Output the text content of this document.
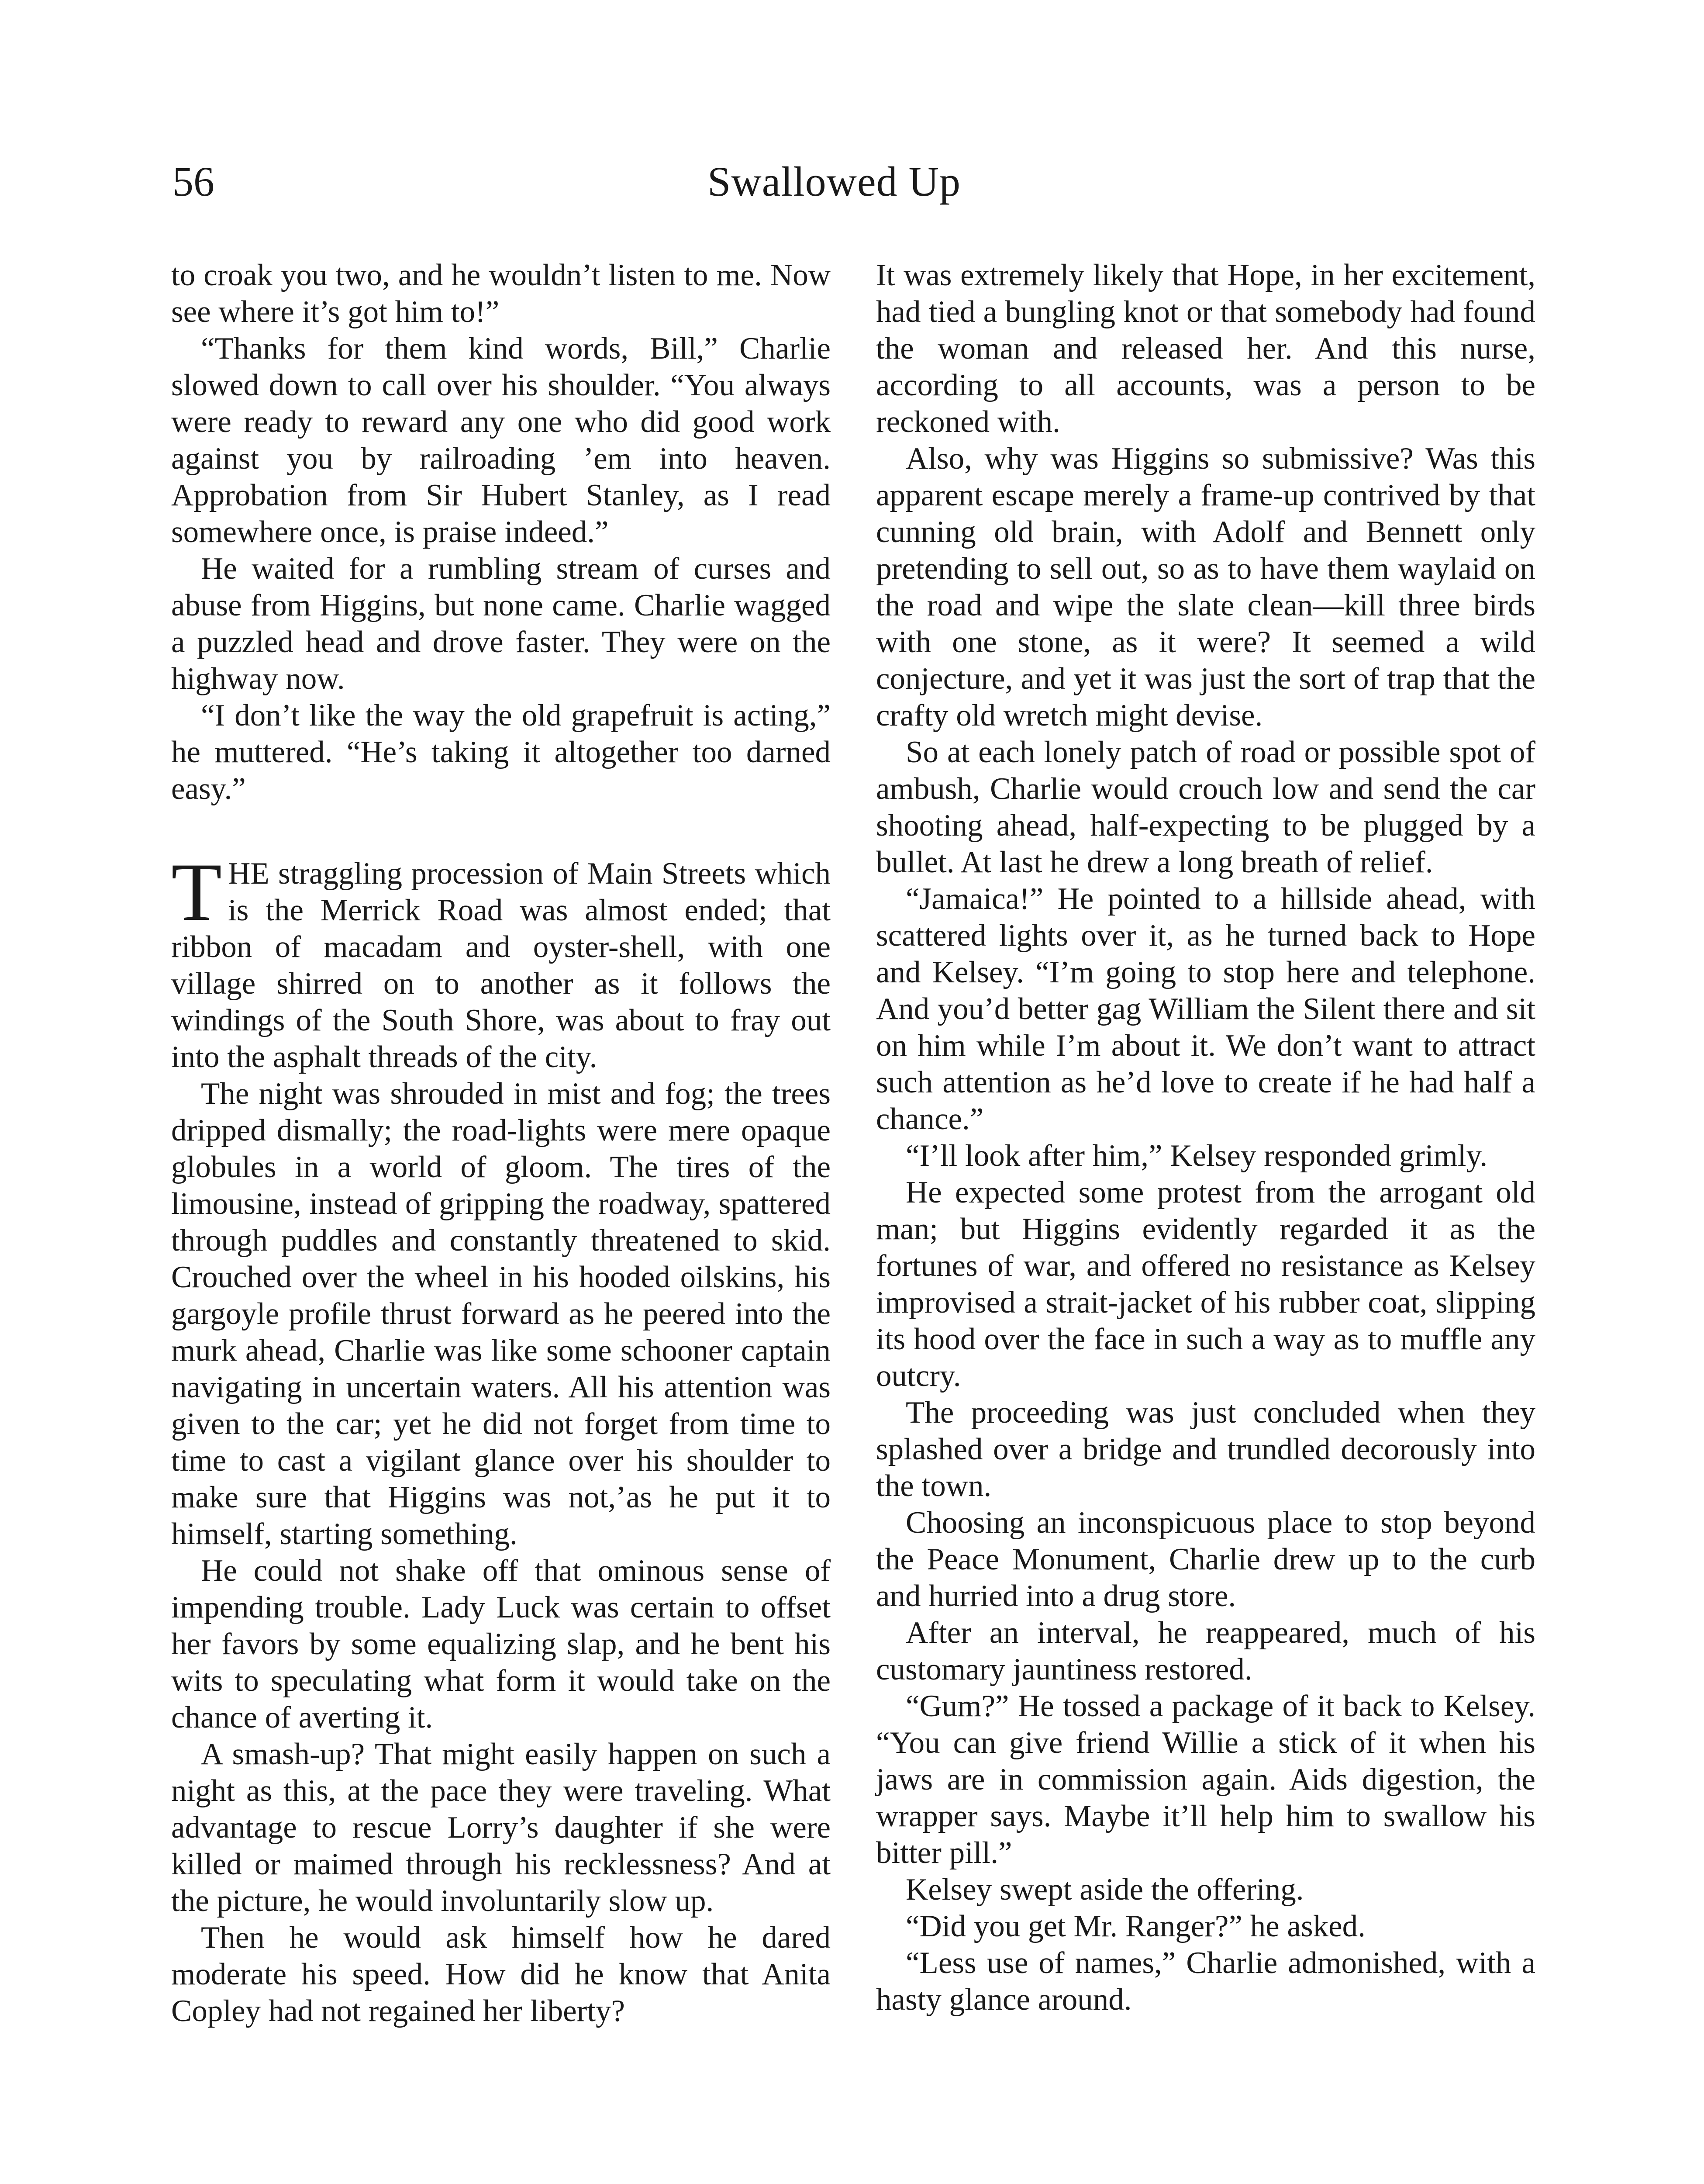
56	Swallowed Up

to croak you two, and he wouldn’t listen to me. Now see where it’s got him to!”

“Thanks for them kind words, Bill,” Charlie slowed down to call over his shoulder. “You always were ready to reward any one who did good work against you by railroading ’em into heaven. Approbation from Sir Hubert Stanley, as I read somewhere once, is praise indeed.”

He waited for a rumbling stream of curses and abuse from Higgins, but none came. Charlie wagged a puzzled head and drove faster. They were on the highway now.

“I don’t like the way the old grapefruit is acting,” he muttered. “He’s taking it altogether too darned easy.”

THE straggling procession of Main Streets which is the Merrick Road was almost ended; that ribbon of macadam and oyster-shell, with one village shirred on to another as it follows the windings of the South Shore, was about to fray out into the asphalt threads of the city.

The night was shrouded in mist and fog; the trees dripped dismally; the road-lights were mere opaque globules in a world of gloom. The tires of the limousine, instead of gripping the roadway, spattered through puddles and constantly threatened to skid. Crouched over the wheel in his hooded oilskins, his gargoyle profile thrust forward as he peered into the murk ahead, Charlie was like some schooner captain navigating in uncertain waters. All his attention was given to the car; yet he did not forget from time to time to cast a vigilant glance over his shoulder to make sure that Higgins was not,’as he put it to himself, starting something.

He could not shake off that ominous sense of impending trouble. Lady Luck was certain to offset her favors by some equalizing slap, and he bent his wits to speculating what form it would take on the chance of averting it.

A smash-up? That might easily happen on such a night as this, at the pace they were traveling. What advantage to rescue Lorry’s daughter if she were killed or maimed through his recklessness? And at the picture, he would involuntarily slow up.

Then he would ask himself how he dared moderate his speed. How did he know that Anita Copley had not regained her liberty?

It was extremely likely that Hope, in her excitement, had tied a bungling knot or that somebody had found the woman and released her. And this nurse, according to all accounts, was a person to be reckoned with.

Also, why was Higgins so submissive? Was this apparent escape merely a frame-up contrived by that cunning old brain, with Adolf and Bennett only pretending to sell out, so as to have them waylaid on the road and wipe the slate clean—kill three birds with one stone, as it were? It seemed a wild conjecture, and yet it was just the sort of trap that the crafty old wretch might devise.

So at each lonely patch of road or possible spot of ambush, Charlie would crouch low and send the car shooting ahead, half-expecting to be plugged by a bullet. At last he drew a long breath of relief.

“Jamaica!” He pointed to a hillside ahead, with scattered lights over it, as he turned back to Hope and Kelsey. “I’m going to stop here and telephone. And you’d better gag William the Silent there and sit on him while I’m about it. We don’t want to attract such attention as he’d love to create if he had half a chance.”

“I’ll look after him,” Kelsey responded grimly.

He expected some protest from the arrogant old man; but Higgins evidently regarded it as the fortunes of war, and offered no resistance as Kelsey improvised a strait-jacket of his rubber coat, slipping its hood over the face in such a way as to muffle any outcry.

The proceeding was just concluded when they splashed over a bridge and trundled decorously into the town.

Choosing an inconspicuous place to stop beyond the Peace Monument, Charlie drew up to the curb and hurried into a drug store.

After an interval, he reappeared, much of his customary jauntiness restored.

“Gum?” He tossed a package of it back to Kelsey. “You can give friend Willie a stick of it when his jaws are in commission again. Aids digestion, the wrapper says. Maybe it’ll help him to swallow his bitter pill.”

Kelsey swept aside the offering.

“Did you get Mr. Ranger?” he asked.

“Less use of names,” Charlie admonished, with a hasty glance around.
